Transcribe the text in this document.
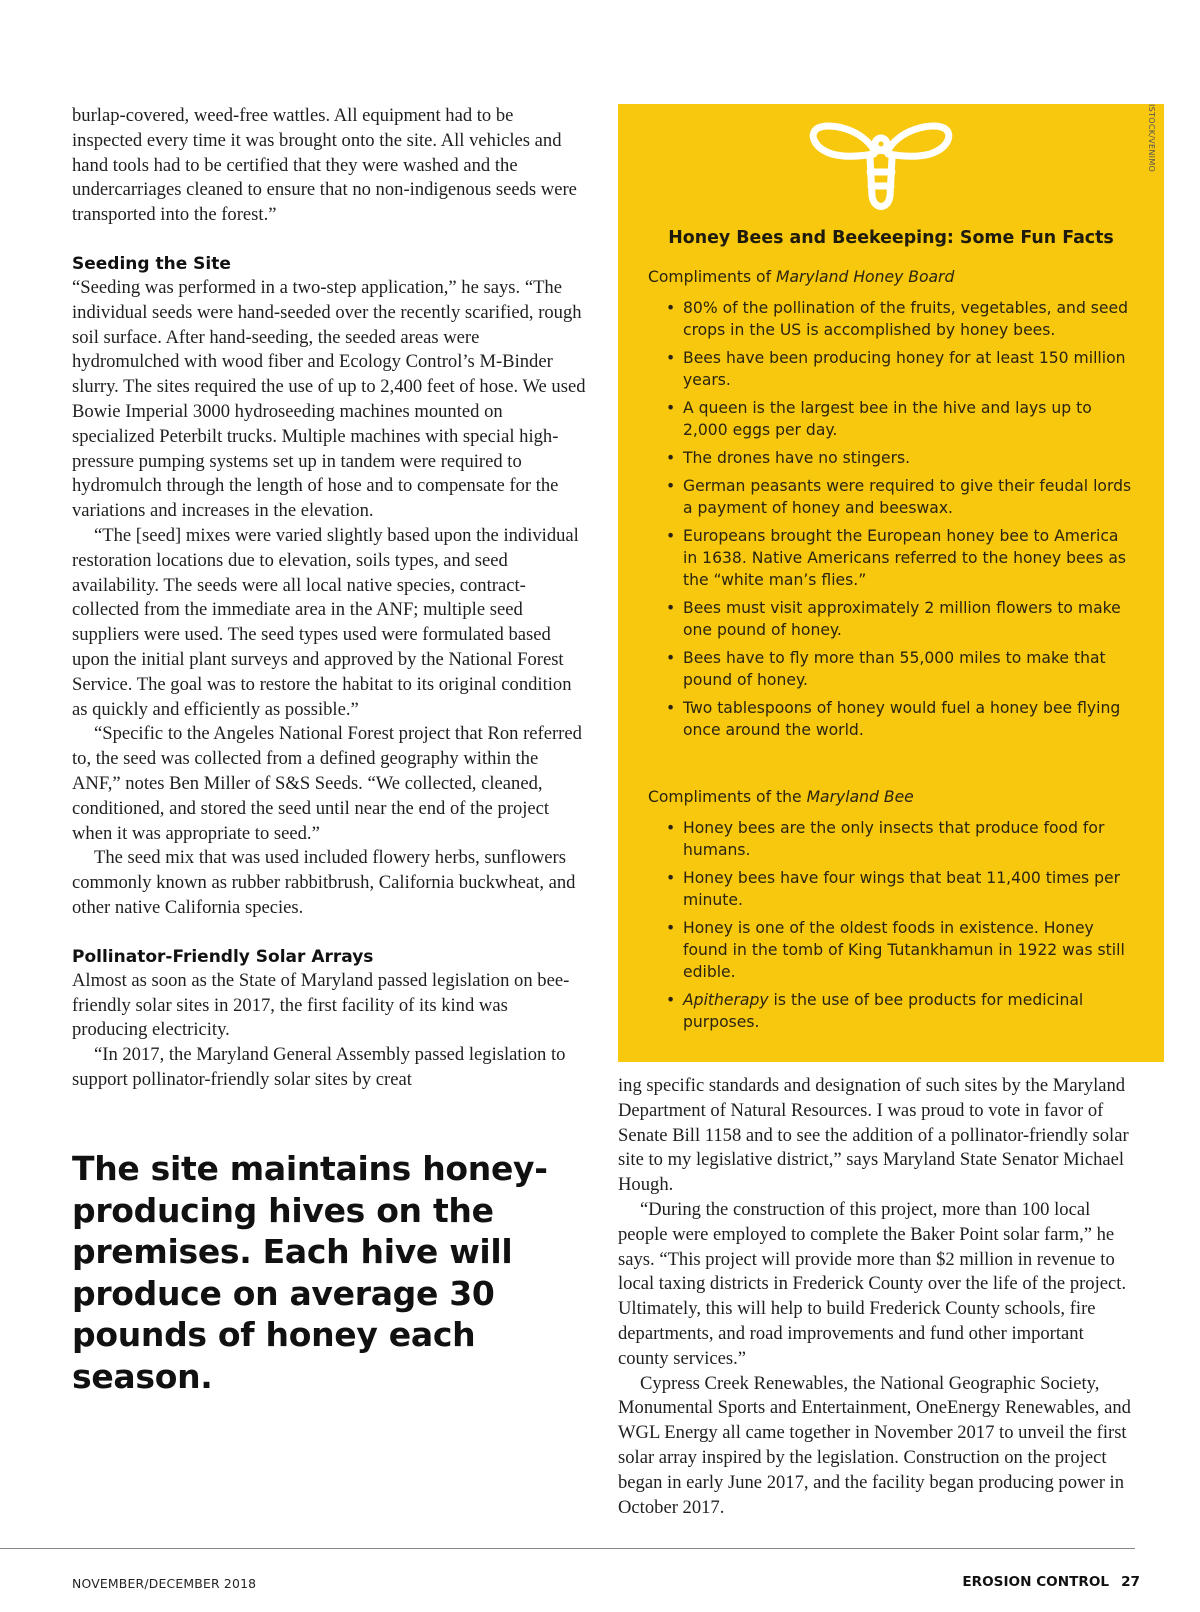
burlap-covered, weed-free wattles. All equipment had to be inspected every time it was brought onto the site. All vehicles and hand tools had to be certified that they were washed and the undercarriages cleaned to ensure that no non-indigenous seeds were transported into the forest.”

Seeding the Site

“Seeding was performed in a two-step application,” he says. “The individual seeds were hand-seeded over the recently scarified, rough soil surface. After hand-seeding, the seeded areas were hydromulched with wood fiber and Ecology Control’s M-Binder slurry. The sites required the use of up to 2,400 feet of hose. We used Bowie Imperial 3000 hydroseeding machines mounted on specialized Peterbilt trucks. Multiple machines with special high-pressure pumping systems set up in tandem were required to hydromulch through the length of hose and to compensate for the variations and increases in the elevation.

“The [seed] mixes were varied slightly based upon the individual restoration locations due to elevation, soils types, and seed availability. The seeds were all local native species, contract-collected from the immediate area in the ANF; multiple seed suppliers were used. The seed types used were formulated based upon the initial plant surveys and approved by the National Forest Service. The goal was to restore the habitat to its original condition as quickly and efficiently as possible.”

“Specific to the Angeles National Forest project that Ron referred to, the seed was collected from a defined geography within the ANF,” notes Ben Miller of S&S Seeds. “We collected, cleaned, conditioned, and stored the seed until near the end of the project when it was appropriate to seed.”

The seed mix that was used included flowery herbs, sunflowers commonly known as rubber rabbitbrush, California buckwheat, and other native California species.

Pollinator-Friendly Solar Arrays

Almost as soon as the State of Maryland passed legislation on bee-friendly solar sites in 2017, the first facility of its kind was producing electricity.

“In 2017, the Maryland General Assembly passed legislation to support pollinator-friendly solar sites by creat

The site maintains honey-producing hives on the premises. Each hive will produce on average 30 pounds of honey each season.
Honey Bees and Beekeeping: Some Fun Facts
Compliments of Maryland Honey Board
• 80% of the pollination of the fruits, vegetables, and seed crops in the US is accomplished by honey bees.
• Bees have been producing honey for at least 150 million years.
• A queen is the largest bee in the hive and lays up to 2,000 eggs per day.
• The drones have no stingers.
• German peasants were required to give their feudal lords a payment of honey and beeswax.
• Europeans brought the European honey bee to America in 1638. Native Americans referred to the honey bees as the “white man’s flies.”
• Bees must visit approximately 2 million flowers to make one pound of honey.
• Bees have to fly more than 55,000 miles to make that pound of honey.
• Two tablespoons of honey would fuel a honey bee flying once around the world.
Compliments of the Maryland Bee
• Honey bees are the only insects that produce food for humans.
• Honey bees have four wings that beat 11,400 times per minute.
• Honey is one of the oldest foods in existence. Honey found in the tomb of King Tutankhamun in 1922 was still edible.
• Apitherapy is the use of bee products for medicinal purposes.
ISTOCK/VENIMO

ing specific standards and designation of such sites by the Maryland Department of Natural Resources. I was proud to vote in favor of Senate Bill 1158 and to see the addition of a pollinator-friendly solar site to my legislative district,” says Maryland State Senator Michael Hough.

“During the construction of this project, more than 100 local people were employed to complete the Baker Point solar farm,” he says. “This project will provide more than $2 million in revenue to local taxing districts in Frederick County over the life of the project. Ultimately, this will help to build Frederick County schools, fire departments, and road improvements and fund other important county services.”

Cypress Creek Renewables, the National Geographic Society, Monumental Sports and Entertainment, OneEnergy Renewables, and WGL Energy all came together in November 2017 to unveil the first solar array inspired by the legislation. Construction on the project began in early June 2017, and the facility began producing power in October 2017.

NOVEMBER/DECEMBER 2018	EROSION CONTROL 27
